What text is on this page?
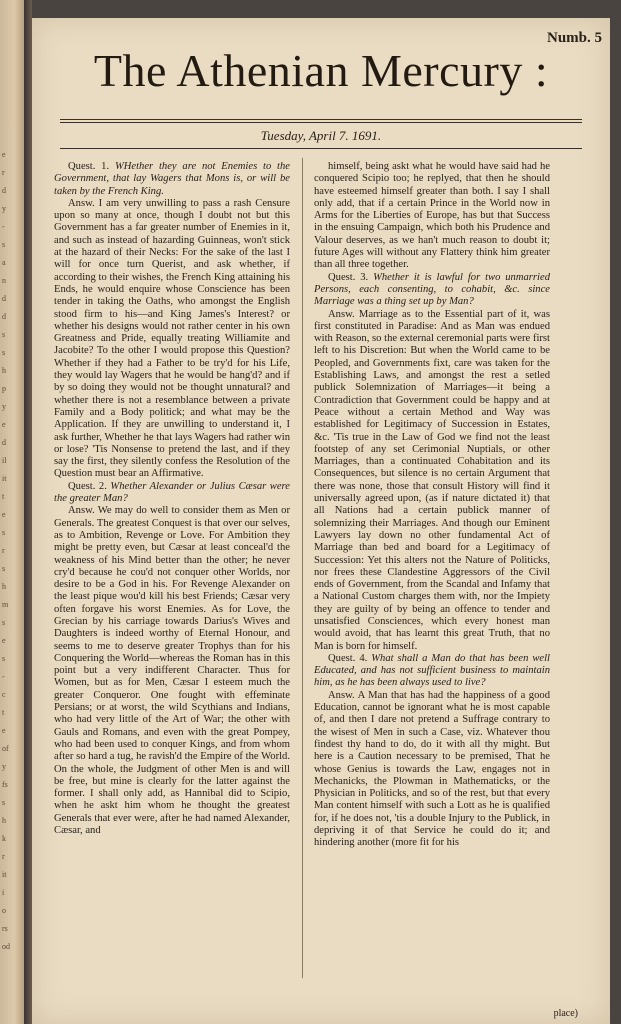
e
r
d
y
-
s
a
n
d
d
s
s
h
p
y
e
d
il
it
t
e
s
r
s
h
m
s
e
s
-
c
t
e
of
y
fs
s
h
k
r
it
i
o
rs
od
Numb. 5
The Athenian Mercury :
Tuesday, April 7. 1691.

Quest. 1. WHether they are not Enemies to the Government, that lay Wagers that Mons is, or will be taken by the French King.

Answ. I am very unwilling to pass a rash Censure upon so many at once, though I doubt not but this Government has a far greater number of Enemies in it, and such as instead of hazarding Guinneas, won't stick at the hazard of their Necks: For the sake of the last I will for once turn Querist, and ask whether, if according to their wishes, the French King attaining his Ends, he would enquire whose Conscience has been tender in taking the Oaths, who amongst the English stood firm to his—and King James's Interest? or whether his designs would not rather center in his own Greatness and Pride, equally treating Williamite and Jacobite? To the other I would propose this Question? Whether if they had a Father to be try'd for his Life, they would lay Wagers that he would be hang'd? and if by so doing they would not be thought unnatural? and whether there is not a resemblance between a private Family and a Body politick; and what may be the Application. If they are unwilling to understand it, I ask further, Whether he that lays Wagers had rather win or lose? 'Tis Nonsense to pretend the last, and if they say the first, they silently confess the Resolution of the Question must bear an Affirmative.

Quest. 2. Whether Alexander or Julius Cæsar were the greater Man?

Answ. We may do well to consider them as Men or Generals. The greatest Conquest is that over our selves, as to Ambition, Revenge or Love. For Ambition they might be pretty even, but Cæsar at least conceal'd the weakness of his Mind better than the other; he never cry'd because he cou'd not conquer other Worlds, nor desire to be a God in his. For Revenge Alexander on the least pique wou'd kill his best Friends; Cæsar very often forgave his worst Enemies. As for Love, the Grecian by his carriage towards Darius's Wives and Daughters is indeed worthy of Eternal Honour, and seems to me to deserve greater Trophys than for his Conquering the World—whereas the Roman has in this point but a very indifferent Character. Thus for Women, but as for Men, Cæsar I esteem much the greater Conqueror. One fought with effeminate Persians; or at worst, the wild Scythians and Indians, who had very little of the Art of War; the other with Gauls and Romans, and even with the great Pompey, who had been used to conquer Kings, and from whom after so hard a tug, he ravish'd the Empire of the World. On the whole, the Judgment of other Men is and will be free, but mine is clearly for the latter against the former. I shall only add, as Hannibal did to Scipio, when he askt him whom he thought the greatest Generals that ever were, after he had named Alexander, Cæsar, and

himself, being askt what he would have said had he conquered Scipio too; he replyed, that then he should have esteemed himself greater than both. I say I shall only add, that if a certain Prince in the World now in Arms for the Liberties of Europe, has but that Success in the ensuing Campaign, which both his Prudence and Valour deserves, as we han't much reason to doubt it; future Ages will without any Flattery think him greater than all three together.

Quest. 3. Whether it is lawful for two unmarried Persons, each consenting, to cohabit, &c. since Marriage was a thing set up by Man?

Answ. Marriage as to the Essential part of it, was first constituted in Paradise: And as Man was endued with Reason, so the external ceremonial parts were first left to his Discretion: But when the World came to be Peopled, and Governments fixt, care was taken for the Establishing Laws, and amongst the rest a setled publick Solemnization of Marriages—it being a Contradiction that Government could be happy and at Peace without a certain Method and Way was established for Legitimacy of Succession in Estates, &c. 'Tis true in the Law of God we find not the least footstep of any set Cerimonial Nuptials, or other Marriages, than a continuated Cohabitation and its Consequences, but silence is no certain Argument that there was none, those that consult History will find it universally agreed upon, (as if nature dictated it) that all Nations had a certain publick manner of solemnizing their Marriages. And though our Eminent Lawyers lay down no other fundamental Act of Marriage than bed and board for a Legitimacy of Succession: Yet this alters not the Nature of Politicks, nor frees these Clandestine Aggressors of the Civil ends of Government, from the Scandal and Infamy that a National Custom charges them with, nor the Impiety they are guilty of by being an offence to tender and unsatisfied Consciences, which every honest man would avoid, that has learnt this great Truth, that no Man is born for himself.

Quest. 4. What shall a Man do that has been well Educated, and has not sufficient business to maintain him, as he has been always used to live?

Answ. A Man that has had the happiness of a good Education, cannot be ignorant what he is most capable of, and then I dare not pretend a Suffrage contrary to the wisest of Men in such a Case, viz. Whatever thou findest thy hand to do, do it with all thy might. But here is a Caution necessary to be premised, That he whose Genius is towards the Law, engages not in Mechanicks, the Plowman in Mathematicks, or the Physician in Politicks, and so of the rest, but that every Man content himself with such a Lott as he is qualified for, if he does not, 'tis a double Injury to the Publick, in depriving it of that Service he could do it; and hindering another (more fit for his

place)
